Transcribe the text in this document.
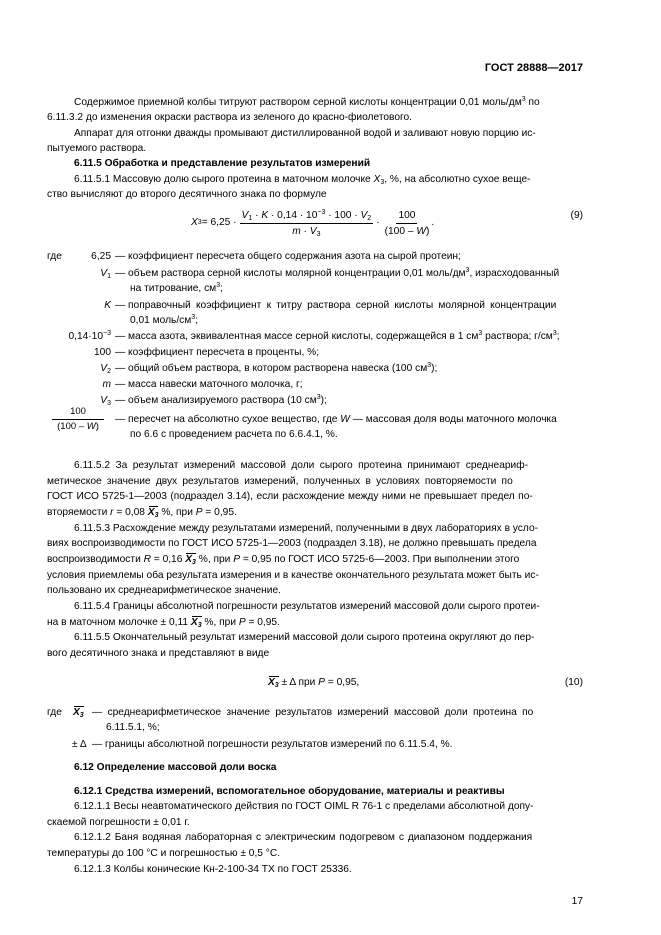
ГОСТ 28888—2017
Содержимое приемной колбы титруют раствором серной кислоты концентрации 0,01 моль/$дм^3$ по
6.11.3.2 до изменения окраски раствора из зеленого до красно-фиолетового.
Аппарат для отгонки дважды промывают дистиллированной водой и заливают новую порцию ис-
пытуемого раствора.
6.11.5 Обработка и представление результатов измерений
6.11.5.1 Массовую долю сырого протеина в маточном молочке $X_3$, %, на абсолютно сухое веще-
ство вычисляют до второго десятичного знака по формуле
X $3 = 6,25 \cdot \frac{V_1 \cdot K \cdot 0,14 \cdot 10^{-3} \cdot 100 \cdot V_2}{m \cdot V_3} \cdot \frac{100}{(100 - W)}$ .
(9)
где	6,25 — коэффициент пересчета общего содержания азота на сырой протеин;
$V_1$ — объем раствора серной кислоты молярной концентрации 0,01 моль/$дм^3$, израсходованный
на титрование, $см^3$;
K — поправочный коэффициент к титру раствора серной кислоты молярной концентрации
0,01 моль/$см^3$;
$0,14\cdot 10^{-3}$ — масса азота, эквивалентная массе серной кислоты, содержащейся в 1 $см^3$ раствора; $г/см^3$;
100 — коэффициент пересчета в проценты, %;
$V_2$ — общий объем раствора, в котором растворена навеска (100 $см^3$);
m — масса навески маточного молочка, г;
$V_3$ — объем анализируемого раствора (10 $см^3$);
100
(100 – W)
— пересчет на абсолютно сухое вещество, где W — массовая доля воды маточного молочка
по 6.6 с проведением расчета по 6.6.4.1, %.
6.11.5.2 За результат измерений массовой доли сырого протеина принимают среднеариф-
метическое значение двух результатов измерений, полученных в условиях повторяемости по
ГОСТ ИСО 5725-1—2003 (подраздел 3.14), если расхождение между ними не превышает предел по-
вторяемости r = 0,08 $X_3$ %, при P = 0,95.
6.11.5.3 Расхождение между результатами измерений, полученными в двух лабораториях в усло-
виях воспроизводимости по ГОСТ ИСО 5725-1—2003 (подраздел 3.18), не должно превышать предела
воспроизводимости R = 0,16 $X_3$ %, при P = 0,95 по ГОСТ ИСО 5725-6—2003. При выполнении этого
условия приемлемы оба результата измерения и в качестве окончательного результата может быть ис-
пользовано их среднеарифметическое значение.
6.11.5.4 Границы абсолютной погрешности результатов измерений массовой доли сырого протеи-
на в маточном молочке ± 0,11 $X_3$ %, при P = 0,95.
6.11.5.5 Окончательный результат измерений массовой доли сырого протеина округляют до пер-
вого десятичного знака и представляют в виде
$X_3 \pm \Delta$ при P = 0,95,	(10)
где $X_3$ — среднеарифметическое значение результатов измерений массовой доли протеина по
6.11.5.1, %;
± Δ — границы абсолютной погрешности результатов измерений по 6.11.5.4, %.
6.12 Определение массовой доли воска
6.12.1 Средства измерений, вспомогательное оборудование, материалы и реактивы
6.12.1.1 Весы неавтоматического действия по ГОСТ OIML R 76-1 с пределами абсолютной допу-
скаемой погрешности ± 0,01 г.
6.12.1.2 Баня водяная лабораторная с электрическим подогревом с диапазоном поддержания
температуры до 100 °С и погрешностью ± 0,5 °С.
6.12.1.3 Колбы конические Кн-2-100-34 ТХ по ГОСТ 25336.
17
